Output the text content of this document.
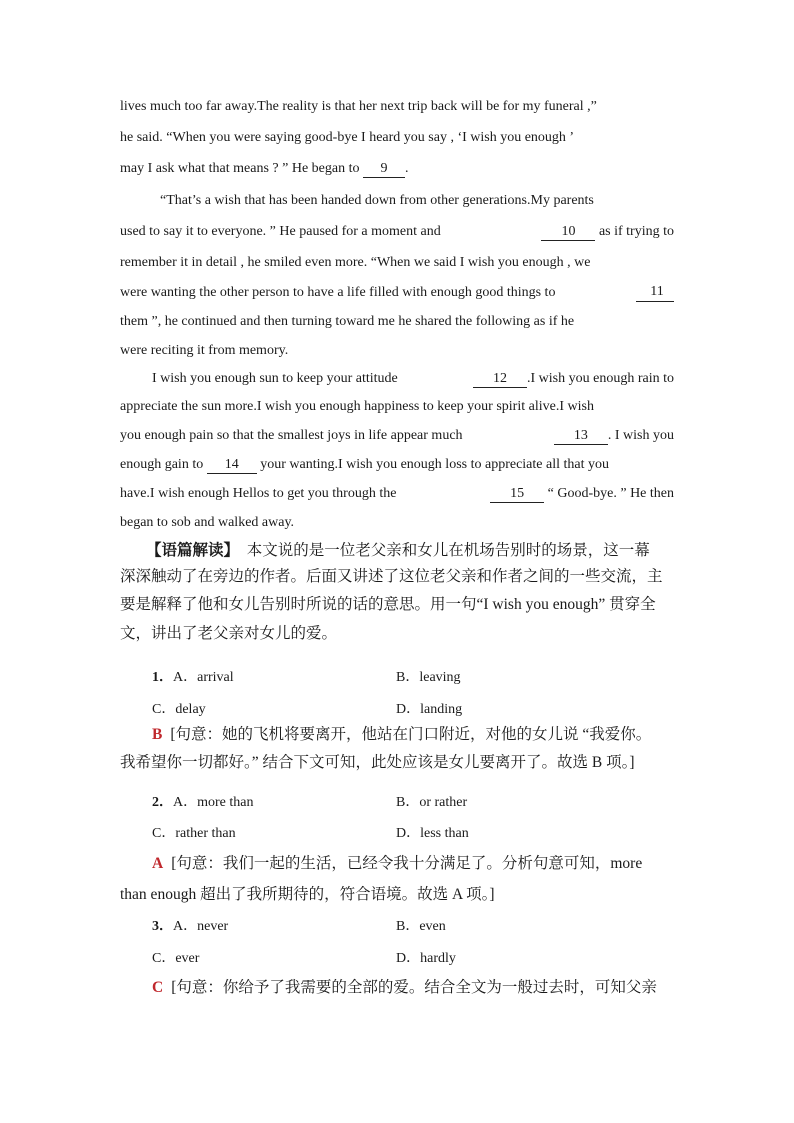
lives much too far away.The reality is that her next trip back will be for my funeral ,”
he said. “When you were saying good-bye I heard you say , ‘I wish you enough ’
may I ask what that means ? ” He began to 9 .
“That’s a wish that has been handed down from other generations.My parents
used to say it to everyone. ” He paused for a moment and	10 as if trying to
remember it in detail , he smiled even more. “When we said I wish you enough , we
were wanting the other person to have a life filled with enough good things to	11
them ”, he continued and then turning toward me he shared the following as if he
were reciting it from memory.
I wish you enough sun to keep your attitude	12 .I wish you enough rain to
appreciate the sun more.I wish you enough happiness to keep your spirit alive.I wish
you enough pain so that the smallest joys in life appear much	13 . I wish you
enough gain to 14 your wanting.I wish you enough loss to appreciate all that you
have.I wish enough Hellos to get you through the	15 “ Good-bye. ” He then
began to sob and walked away.
【语篇解读】 本文说的是一位老父亲和女儿在机场告别时的场景，这一幕
深深触动了在旁边的作者。后面又讲述了这位老父亲和作者之间的一些交流，主
要是解释了他和女儿告别时所说的话的意思。用一句“I wish you enough” 贯穿全
文，讲出了老父亲对女儿的爱。
1．A．arrival	B．leaving
C．delay	D．landing
B [句意：她的飞机将要离开，他站在门口附近，对他的女儿说 “我爱你。
我希望你一切都好。” 结合下文可知，此处应该是女儿要离开了。故选 B 项。]
2．A．more than	B．or rather
C．rather than	D．less than
A [句意：我们一起的生活，已经令我十分满足了。分析句意可知，more
than enough 超出了我所期待的，符合语境。故选 A 项。]
3．A．never	B．even
C．ever	D．hardly
C [句意：你给予了我需要的全部的爱。结合全文为一般过去时，可知父亲
